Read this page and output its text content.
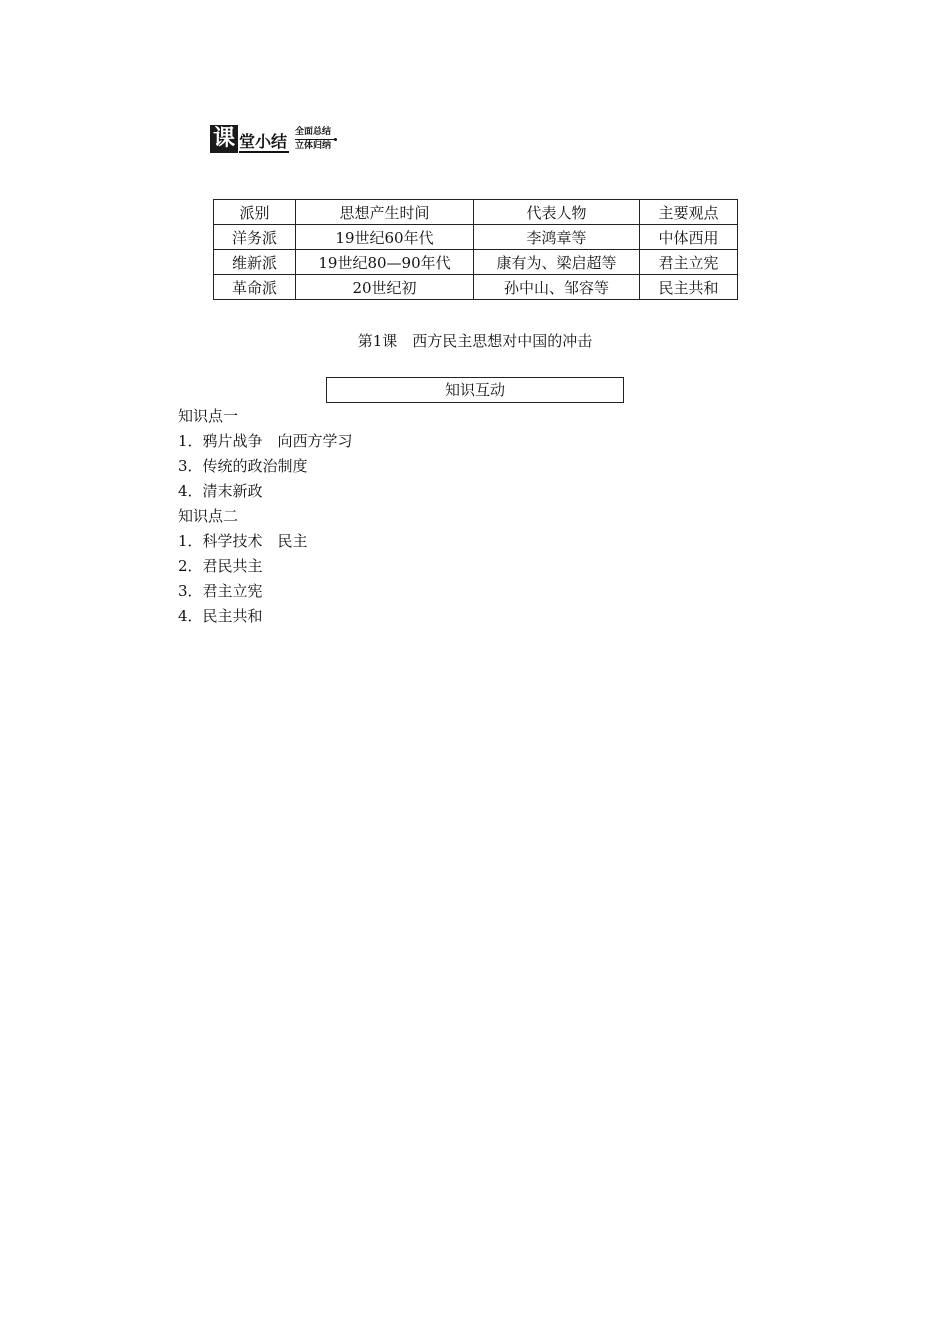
课 堂小结 全面总结
立体归纳
派别	思想产生时间	代表人物	主要观点
洋务派	19世纪60年代	李鸿章等	中体西用
维新派	19世纪80—90年代	康有为、梁启超等	君主立宪
革命派	20世纪初	孙中山、邹容等	民主共和
第1课　西方民主思想对中国的冲击
知识互动
知识点一
1．鸦片战争　向西方学习
3．传统的政治制度
4．清末新政
知识点二
1．科学技术　民主
2．君民共主
3．君主立宪
4．民主共和
